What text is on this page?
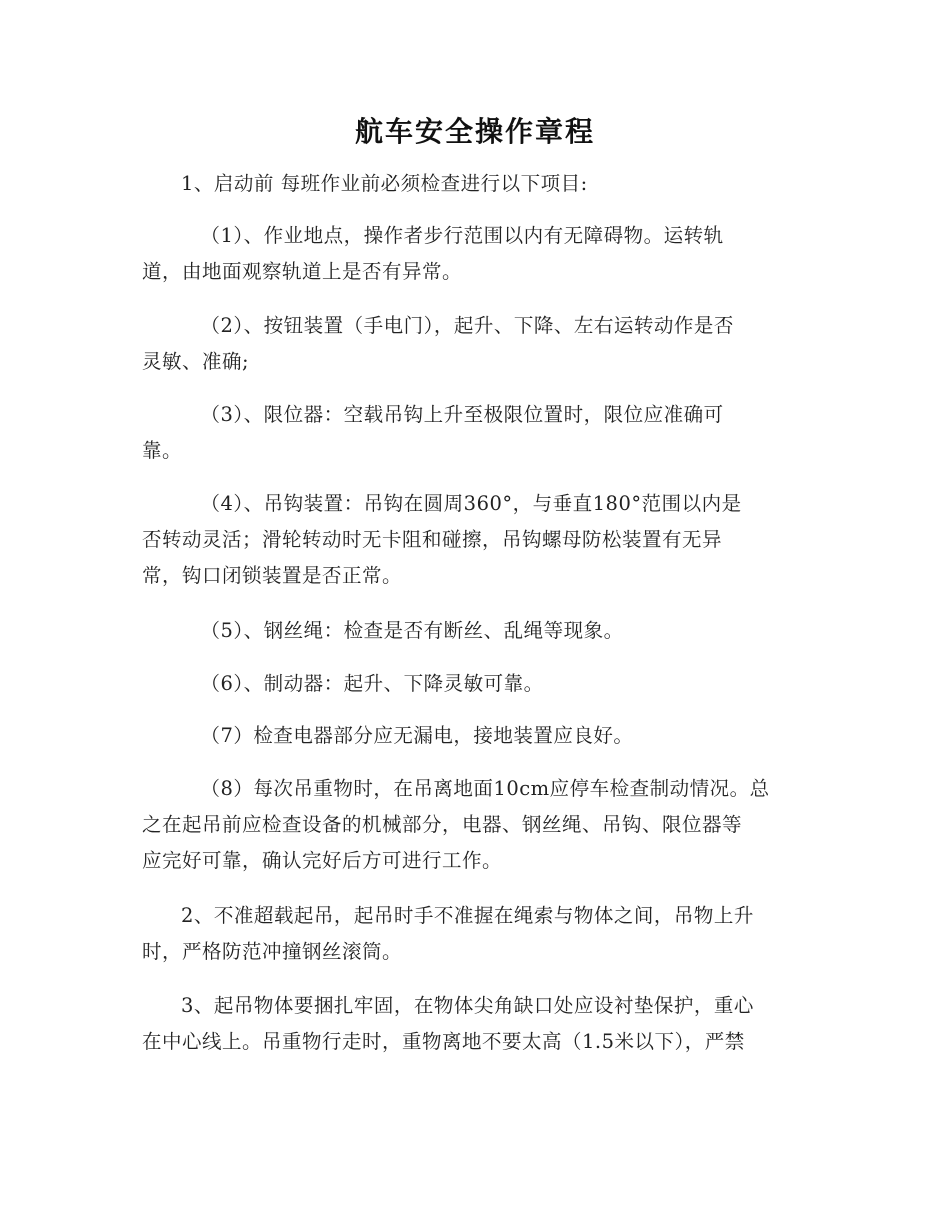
航车安全操作章程
1、启动前 每班作业前必须检查进行以下项目:
（1）、作业地点，操作者步行范围以内有无障碍物。运转轨
道，由地面观察轨道上是否有异常。
（2）、按钮装置（手电门），起升、下降、左右运转动作是否
灵敏、准确;
（3）、限位器：空载吊钩上升至极限位置时，限位应准确可
靠。
（4）、吊钩装置：吊钩在圆周360°，与垂直180°范围以内是
否转动灵活；滑轮转动时无卡阻和碰擦，吊钩螺母防松装置有无异
常，钩口闭锁装置是否正常。
（5）、钢丝绳：检查是否有断丝、乱绳等现象。
（6）、制动器：起升、下降灵敏可靠。
（7）检查电器部分应无漏电，接地装置应良好。
（8）每次吊重物时，在吊离地面10cm应停车检查制动情况。总
之在起吊前应检查设备的机械部分，电器、钢丝绳、吊钩、限位器等
应完好可靠，确认完好后方可进行工作。
2、不准超载起吊，起吊时手不准握在绳索与物体之间，吊物上升
时，严格防范冲撞钢丝滚筒。
3、起吊物体要捆扎牢固，在物体尖角缺口处应设衬垫保护，重心
在中心线上。吊重物行走时，重物离地不要太高（1.5米以下），严禁
